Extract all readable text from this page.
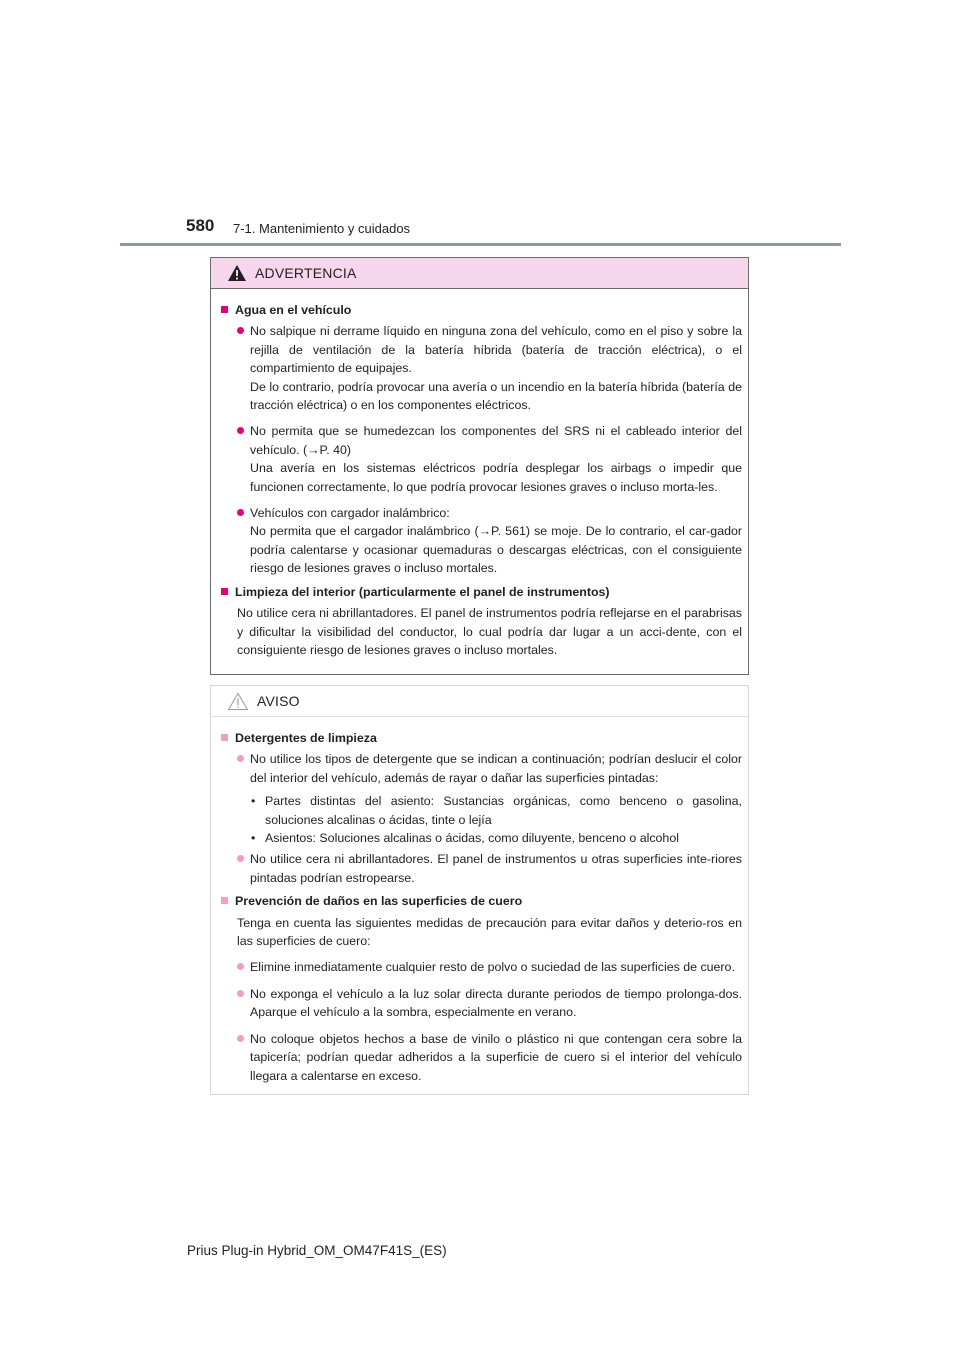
580 7-1. Mantenimiento y cuidados
ADVERTENCIA
Agua en el vehículo

No salpique ni derrame líquido en ninguna zona del vehículo, como en el piso y sobre la rejilla de ventilación de la batería híbrida (batería de tracción eléctrica), o el compartimiento de equipajes.

De lo contrario, podría provocar una avería o un incendio en la batería híbrida (batería de tracción eléctrica) o en los componentes eléctricos.

No permita que se humedezcan los componentes del SRS ni el cableado interior del vehículo. (→P. 40)

Una avería en los sistemas eléctricos podría desplegar los airbags o impedir que funcionen correctamente, lo que podría provocar lesiones graves o incluso morta-les.

Vehículos con cargador inalámbrico:

No permita que el cargador inalámbrico (→P. 561) se moje. De lo contrario, el car-gador podría calentarse y ocasionar quemaduras o descargas eléctricas, con el consiguiente riesgo de lesiones graves o incluso mortales.

Limpieza del interior (particularmente el panel de instrumentos)
No utilice cera ni abrillantadores. El panel de instrumentos podría reflejarse en el parabrisas y dificultar la visibilidad del conductor, lo cual podría dar lugar a un acci-dente, con el consiguiente riesgo de lesiones graves o incluso mortales.
AVISO
Detergentes de limpieza
No utilice los tipos de detergente que se indican a continuación; podrían deslucir el color del interior del vehículo, además de rayar o dañar las superficies pintadas:
• Partes distintas del asiento: Sustancias orgánicas, como benceno o gasolina, soluciones alcalinas o ácidas, tinte o lejía
• Asientos: Soluciones alcalinas o ácidas, como diluyente, benceno o alcohol
No utilice cera ni abrillantadores. El panel de instrumentos u otras superficies inte-riores pintadas podrían estropearse.
Prevención de daños en las superficies de cuero
Tenga en cuenta las siguientes medidas de precaución para evitar daños y deterio-ros en las superficies de cuero:
Elimine inmediatamente cualquier resto de polvo o suciedad de las superficies de cuero.
No exponga el vehículo a la luz solar directa durante periodos de tiempo prolonga-dos. Aparque el vehículo a la sombra, especialmente en verano.
No coloque objetos hechos a base de vinilo o plástico ni que contengan cera sobre la tapicería; podrían quedar adheridos a la superficie de cuero si el interior del vehículo llegara a calentarse en exceso.
Prius Plug-in Hybrid_OM_OM47F41S_(ES)
